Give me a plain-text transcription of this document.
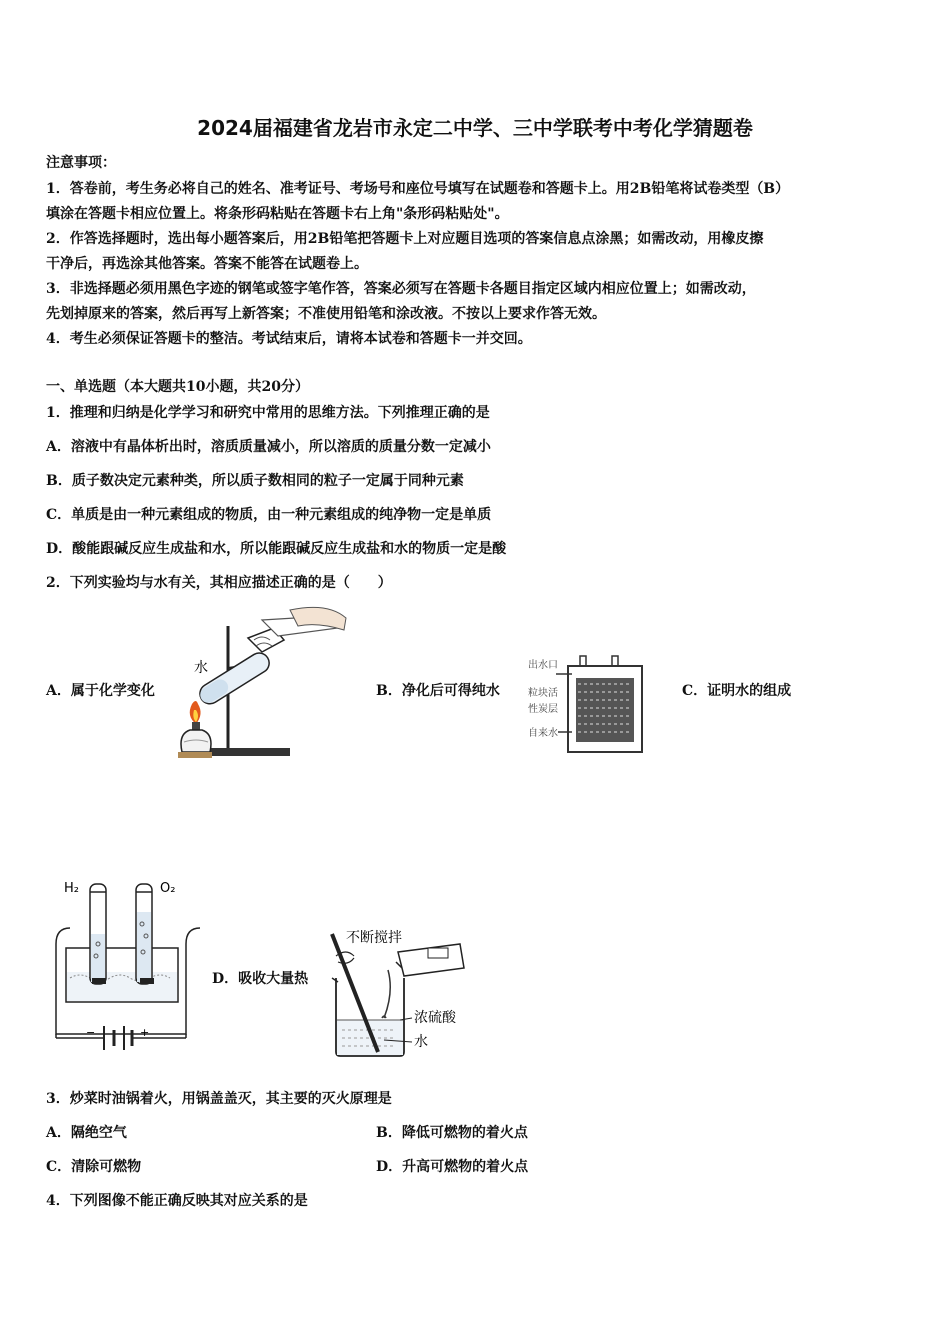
2024届福建省龙岩市永定二中学、三中学联考中考化学猜题卷
注意事项：
1．答卷前，考生务必将自己的姓名、准考证号、考场号和座位号填写在试题卷和答题卡上。用2B铅笔将试卷类型（B）
填涂在答题卡相应位置上。将条形码粘贴在答题卡右上角"条形码粘贴处"。
2．作答选择题时，选出每小题答案后，用2B铅笔把答题卡上对应题目选项的答案信息点涂黑；如需改动，用橡皮擦
干净后，再选涂其他答案。答案不能答在试题卷上。
3．非选择题必须用黑色字迹的钢笔或签字笔作答，答案必须写在答题卡各题目指定区域内相应位置上；如需改动，
先划掉原来的答案，然后再写上新答案；不准使用铅笔和涂改液。不按以上要求作答无效。
4．考生必须保证答题卡的整洁。考试结束后，请将本试卷和答题卡一并交回。
一、单选题（本大题共10小题，共20分）
1．推理和归纳是化学学习和研究中常用的思维方法。下列推理正确的是
A．溶液中有晶体析出时，溶质质量减小，所以溶质的质量分数一定减小
B．质子数决定元素种类，所以质子数相同的粒子一定属于同种元素
C．单质是由一种元素组成的物质，由一种元素组成的纯净物一定是单质
D．酸能跟碱反应生成盐和水，所以能跟碱反应生成盐和水的物质一定是酸
2．下列实验均与水有关，其相应描述正确的是（　　）
水	出水口
粒块活
性炭层
自来水
A．属于化学变化	B．净化后可得纯水	C．证明水的组成
H₂	O₂
−	+
D．吸收大量热
不断搅拌
浓硫酸
水
3．炒菜时油锅着火，用锅盖盖灭，其主要的灭火原理是
A．隔绝空气	B．降低可燃物的着火点
C．清除可燃物	D．升高可燃物的着火点
4．下列图像不能正确反映其对应关系的是
